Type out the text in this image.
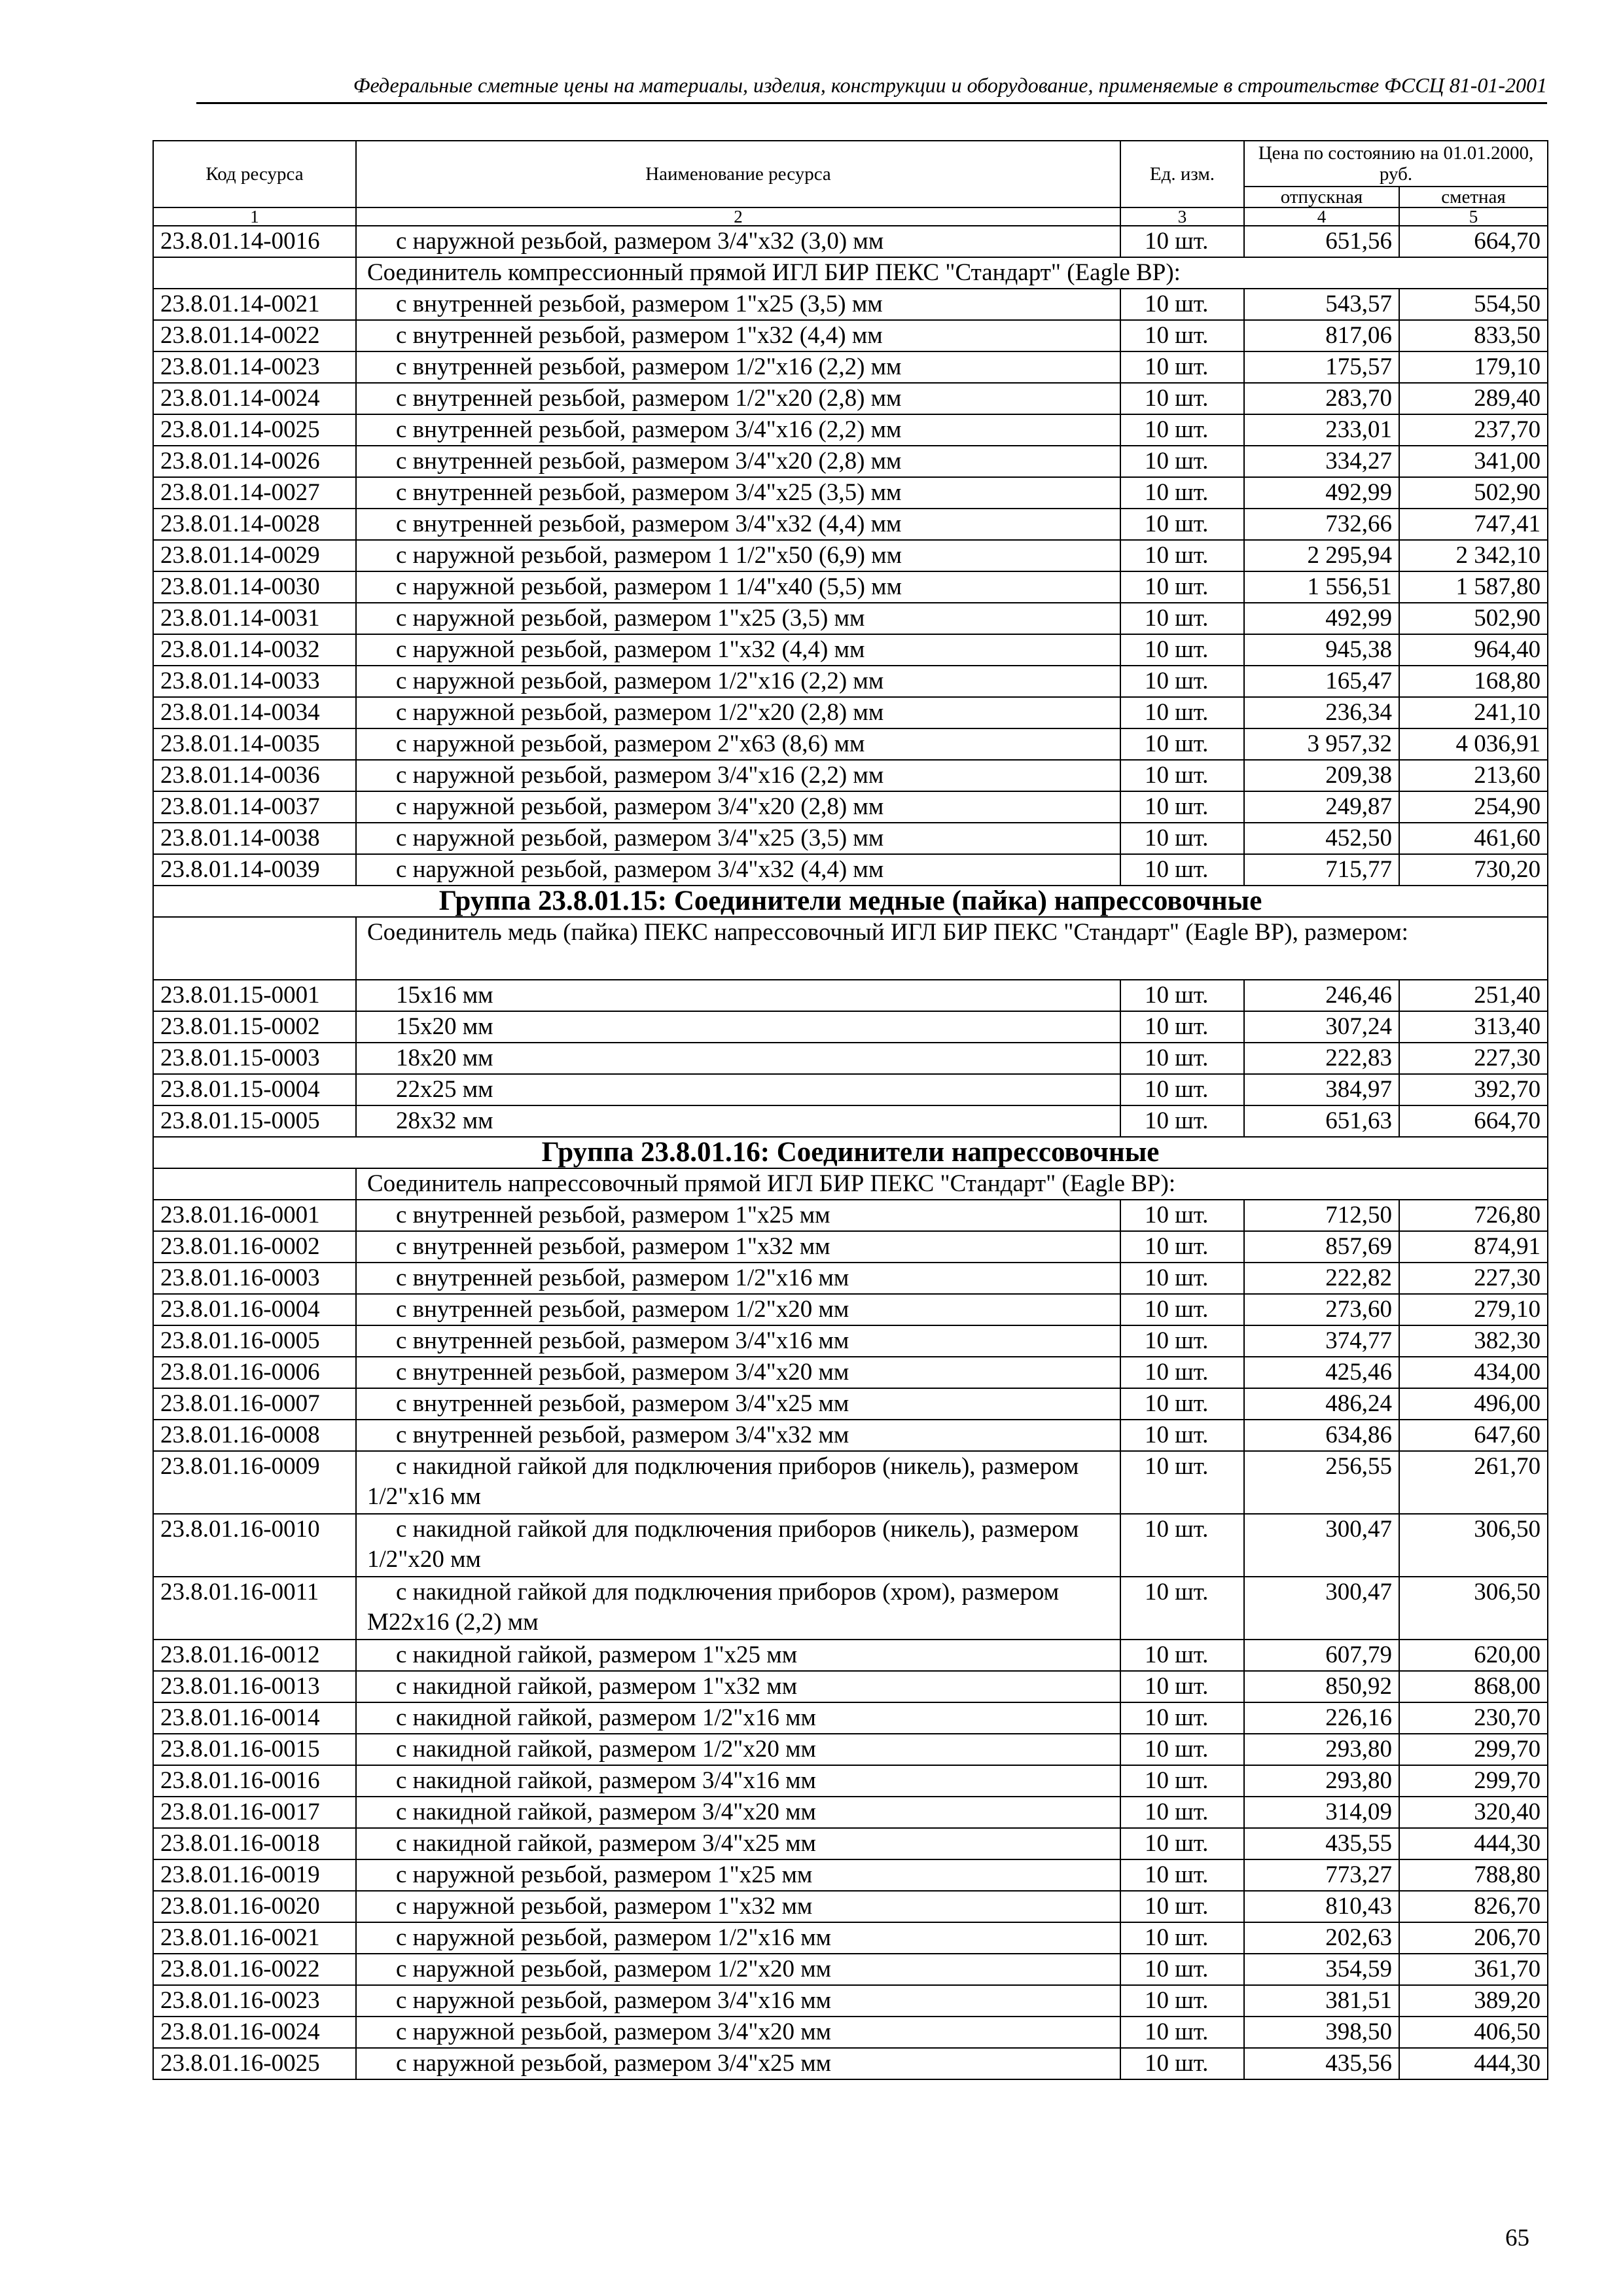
Федеральные сметные цены на материалы, изделия, конструкции и оборудование, применяемые в строительстве ФССЦ 81-01-2001
Код ресурса	Наименование ресурса	Ед. изм.	Цена по состоянию на 01.01.2000, руб.	
			отпускная	сметная
1	2	3	4	5
23.8.01.14-0016	с наружной резьбой, размером 3/4"x32 (3,0) мм	10 шт.	651,56	664,70
	Соединитель компрессионный прямой ИГЛ БИР ПЕКС "Стандарт" (Eagle BP):			
23.8.01.14-0021	с внутренней резьбой, размером 1"x25 (3,5) мм	10 шт.	543,57	554,50
23.8.01.14-0022	с внутренней резьбой, размером 1"x32 (4,4) мм	10 шт.	817,06	833,50
23.8.01.14-0023	с внутренней резьбой, размером 1/2"x16 (2,2) мм	10 шт.	175,57	179,10
23.8.01.14-0024	с внутренней резьбой, размером 1/2"x20 (2,8) мм	10 шт.	283,70	289,40
23.8.01.14-0025	с внутренней резьбой, размером 3/4"x16 (2,2) мм	10 шт.	233,01	237,70
23.8.01.14-0026	с внутренней резьбой, размером 3/4"x20 (2,8) мм	10 шт.	334,27	341,00
23.8.01.14-0027	с внутренней резьбой, размером 3/4"x25 (3,5) мм	10 шт.	492,99	502,90
23.8.01.14-0028	с внутренней резьбой, размером 3/4"x32 (4,4) мм	10 шт.	732,66	747,41
23.8.01.14-0029	с наружной резьбой, размером 1 1/2"x50 (6,9) мм	10 шт.	2 295,94	2 342,10
23.8.01.14-0030	с наружной резьбой, размером 1 1/4"x40 (5,5) мм	10 шт.	1 556,51	1 587,80
23.8.01.14-0031	с наружной резьбой, размером 1"x25 (3,5) мм	10 шт.	492,99	502,90
23.8.01.14-0032	с наружной резьбой, размером 1"x32 (4,4) мм	10 шт.	945,38	964,40
23.8.01.14-0033	с наружной резьбой, размером 1/2"x16 (2,2) мм	10 шт.	165,47	168,80
23.8.01.14-0034	с наружной резьбой, размером 1/2"x20 (2,8) мм	10 шт.	236,34	241,10
23.8.01.14-0035	с наружной резьбой, размером 2"x63 (8,6) мм	10 шт.	3 957,32	4 036,91
23.8.01.14-0036	с наружной резьбой, размером 3/4"x16 (2,2) мм	10 шт.	209,38	213,60
23.8.01.14-0037	с наружной резьбой, размером 3/4"x20 (2,8) мм	10 шт.	249,87	254,90
23.8.01.14-0038	с наружной резьбой, размером 3/4"x25 (3,5) мм	10 шт.	452,50	461,60
23.8.01.14-0039	с наружной резьбой, размером 3/4"x32 (4,4) мм	10 шт.	715,77	730,20
Группа 23.8.01.15: Соединители медные (пайка) напрессовочные				
	Соединитель медь (пайка) ПЕКС напрессовочный ИГЛ БИР ПЕКС "Стандарт" (Eagle BP), размером:			
23.8.01.15-0001	15x16 мм	10 шт.	246,46	251,40
23.8.01.15-0002	15x20 мм	10 шт.	307,24	313,40
23.8.01.15-0003	18x20 мм	10 шт.	222,83	227,30
23.8.01.15-0004	22x25 мм	10 шт.	384,97	392,70
23.8.01.15-0005	28x32 мм	10 шт.	651,63	664,70
Группа 23.8.01.16: Соединители напрессовочные				
	Соединитель напрессовочный прямой ИГЛ БИР ПЕКС "Стандарт" (Eagle BP):			
23.8.01.16-0001	с внутренней резьбой, размером 1"x25 мм	10 шт.	712,50	726,80
23.8.01.16-0002	с внутренней резьбой, размером 1"x32 мм	10 шт.	857,69	874,91
23.8.01.16-0003	с внутренней резьбой, размером 1/2"x16 мм	10 шт.	222,82	227,30
23.8.01.16-0004	с внутренней резьбой, размером 1/2"x20 мм	10 шт.	273,60	279,10
23.8.01.16-0005	с внутренней резьбой, размером 3/4"x16 мм	10 шт.	374,77	382,30
23.8.01.16-0006	с внутренней резьбой, размером 3/4"x20 мм	10 шт.	425,46	434,00
23.8.01.16-0007	с внутренней резьбой, размером 3/4"x25 мм	10 шт.	486,24	496,00
23.8.01.16-0008	с внутренней резьбой, размером 3/4"x32 мм	10 шт.	634,86	647,60
23.8.01.16-0009	с накидной гайкой для подключения приборов (никель), размером 1/2"x16 мм	10 шт.	256,55	261,70
23.8.01.16-0010	с накидной гайкой для подключения приборов (никель), размером 1/2"x20 мм	10 шт.	300,47	306,50
23.8.01.16-0011	с накидной гайкой для подключения приборов (хром), размером M22x16 (2,2) мм	10 шт.	300,47	306,50
23.8.01.16-0012	с накидной гайкой, размером 1"x25 мм	10 шт.	607,79	620,00
23.8.01.16-0013	с накидной гайкой, размером 1"x32 мм	10 шт.	850,92	868,00
23.8.01.16-0014	с накидной гайкой, размером 1/2"x16 мм	10 шт.	226,16	230,70
23.8.01.16-0015	с накидной гайкой, размером 1/2"x20 мм	10 шт.	293,80	299,70
23.8.01.16-0016	с накидной гайкой, размером 3/4"x16 мм	10 шт.	293,80	299,70
23.8.01.16-0017	с накидной гайкой, размером 3/4"x20 мм	10 шт.	314,09	320,40
23.8.01.16-0018	с накидной гайкой, размером 3/4"x25 мм	10 шт.	435,55	444,30
23.8.01.16-0019	с наружной резьбой, размером 1"x25 мм	10 шт.	773,27	788,80
23.8.01.16-0020	с наружной резьбой, размером 1"x32 мм	10 шт.	810,43	826,70
23.8.01.16-0021	с наружной резьбой, размером 1/2"x16 мм	10 шт.	202,63	206,70
23.8.01.16-0022	с наружной резьбой, размером 1/2"x20 мм	10 шт.	354,59	361,70
23.8.01.16-0023	с наружной резьбой, размером 3/4"x16 мм	10 шт.	381,51	389,20
23.8.01.16-0024	с наружной резьбой, размером 3/4"x20 мм	10 шт.	398,50	406,50
23.8.01.16-0025	с наружной резьбой, размером 3/4"x25 мм	10 шт.	435,56	444,30
65
